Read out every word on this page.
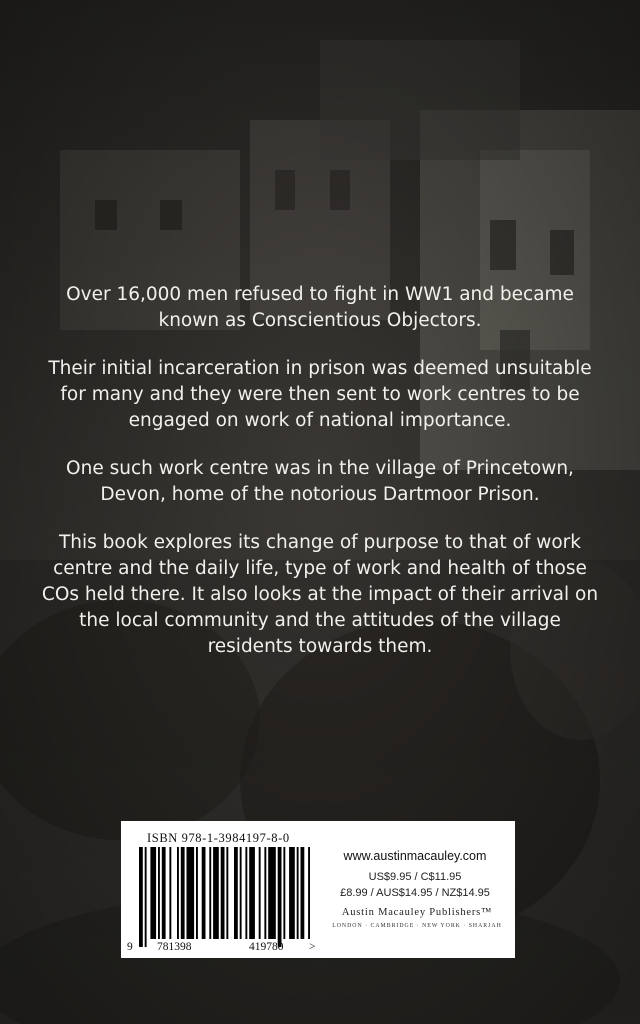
Over 16,000 men refused to fight in WW1 and became known as Conscientious Objectors.

Their initial incarceration in prison was deemed unsuitable for many and they were then sent to work centres to be engaged on work of national importance.

One such work centre was in the village of Princetown, Devon, home of the notorious Dartmoor Prison.

This book explores its change of purpose to that of work centre and the daily life, type of work and health of those COs held there. It also looks at the impact of their arrival on the local community and the attitudes of the village residents towards them.

ISBN 978-1-3984197-8-0
9 781398	419780 >
www.austinmacauley.com
US$9.95 / C$11.95
£8.99 / AUS$14.95 / NZ$14.95
Austin Macauley Publishers™
LONDON · CAMBRIDGE · NEW YORK · SHARJAH
